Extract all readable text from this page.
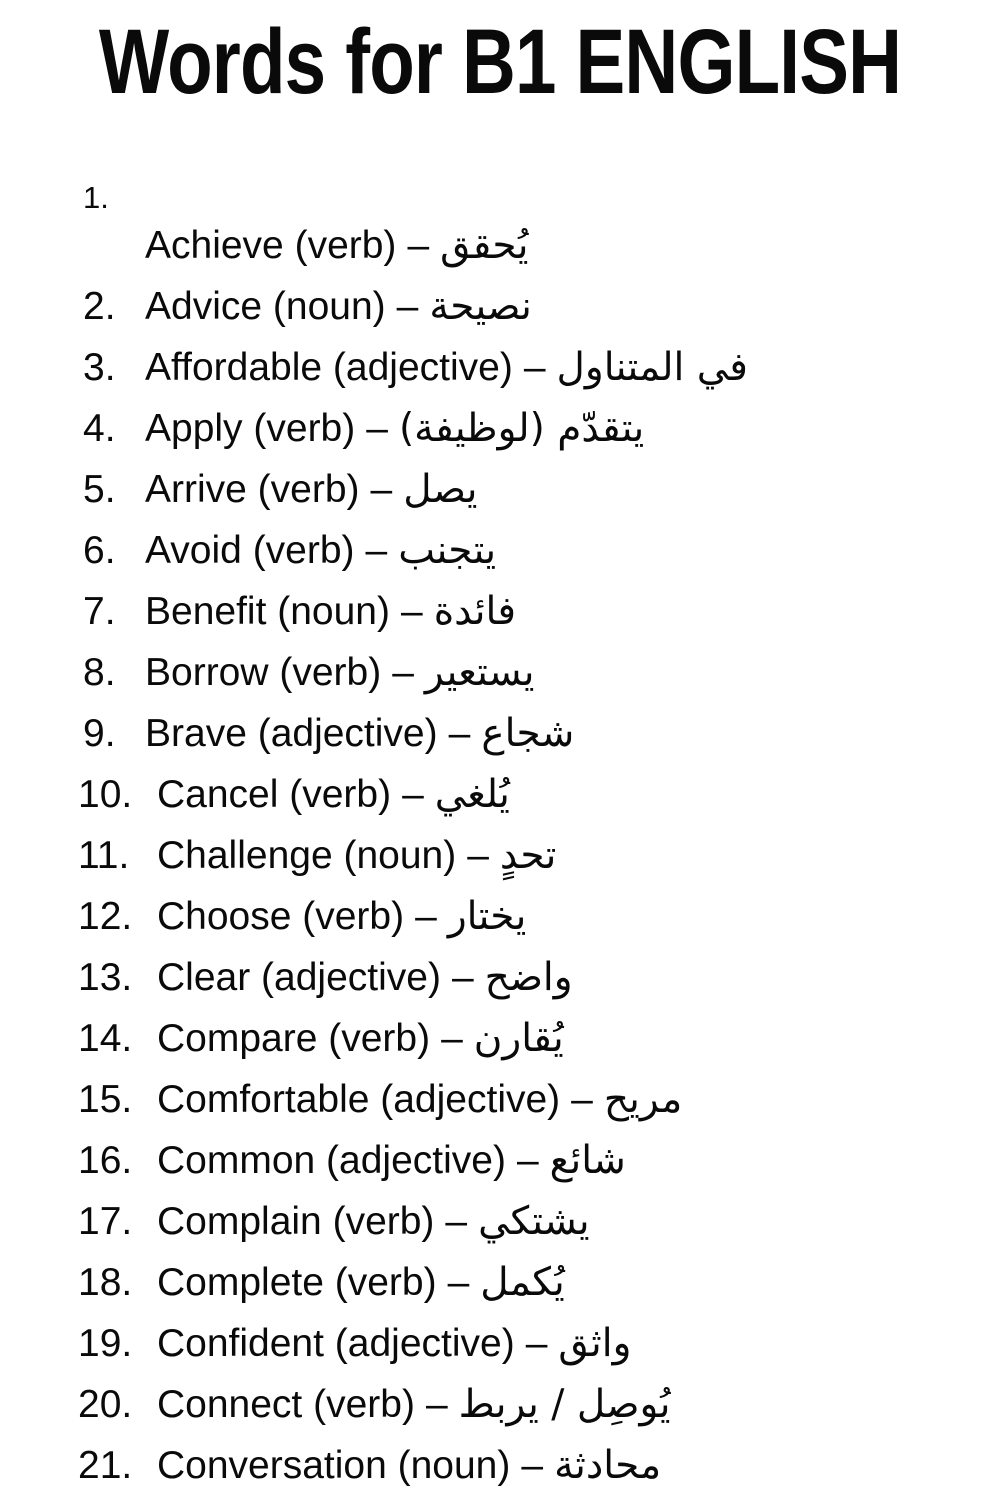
Words for B1 ENGLISH
1.
Achieve (verb) – يُحقق
2. Advice (noun) – نصيحة
3. Affordable (adjective) – في المتناول
4. Apply (verb) – يتقدّم (لوظيفة)
5. Arrive (verb) – يصل
6. Avoid (verb) – يتجنب
7. Benefit (noun) – فائدة
8. Borrow (verb) – يستعير
9. Brave (adjective) – شجاع
10. Cancel (verb) – يُلغي
11. Challenge (noun) – تحدٍ
12. Choose (verb) – يختار
13. Clear (adjective) – واضح
14. Compare (verb) – يُقارن
15. Comfortable (adjective) – مريح
16. Common (adjective) – شائع
17. Complain (verb) – يشتكي
18. Complete (verb) – يُكمل
19. Confident (adjective) – واثق
20. Connect (verb) – يُوصِل / يربط
21. Conversation (noun) – محادثة
